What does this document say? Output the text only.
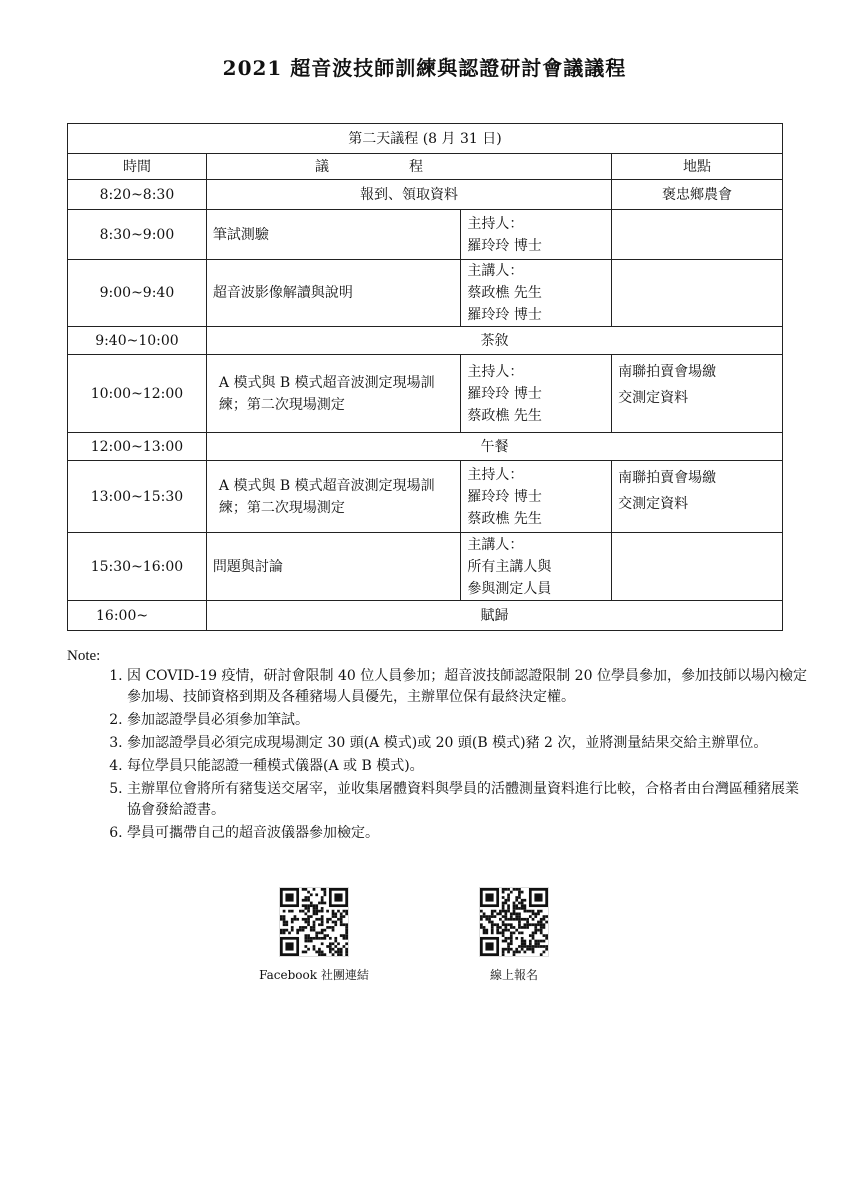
2021 超音波技師訓練與認證研討會議議程
第二天議程 (8 月 31 日)			
時間	議程		地點
8:20~8:30	報到、領取資料		褒忠鄉農會
8:30~9:00	筆試測驗	主持人：
羅玲玲 博士	

9:00~9:40	超音波影像解讀與說明	主講人：
蔡政樵 先生
羅玲玲 博士	

9:40~10:00	茶敘		
10:00~12:00	A 模式與 B 模式超音波測定現場訓練；第二次現場測定	主持人：
羅玲玲 博士
蔡政樵 先生	南聯拍賣會場繳交測定資料

12:00~13:00	午餐		
13:00~15:30	A 模式與 B 模式超音波測定現場訓練；第二次現場測定	主持人：
羅玲玲 博士
蔡政樵 先生	南聯拍賣會場繳交測定資料

15:30~16:00	問題與討論	主講人：
所有主講人與
參與測定人員	

16:00~	賦歸		
Note:
1. 因 COVID-19 疫情，研討會限制 40 位人員參加；超音波技師認證限制 20 位學員參加，參加技師以場內檢定參加場、技師資格到期及各種豬場人員優先，主辦單位保有最終決定權。
2. 參加認證學員必須參加筆試。
3. 參加認證學員必須完成現場測定 30 頭(A 模式)或 20 頭(B 模式)豬 2 次，並將測量結果交給主辦單位。
4. 每位學員只能認證一種模式儀器(A 或 B 模式)。
5. 主辦單位會將所有豬隻送交屠宰，並收集屠體資料與學員的活體測量資料進行比較，合格者由台灣區種豬展業協會發給證書。
6. 學員可攜帶自己的超音波儀器參加檢定。
Facebook 社團連結	線上報名
